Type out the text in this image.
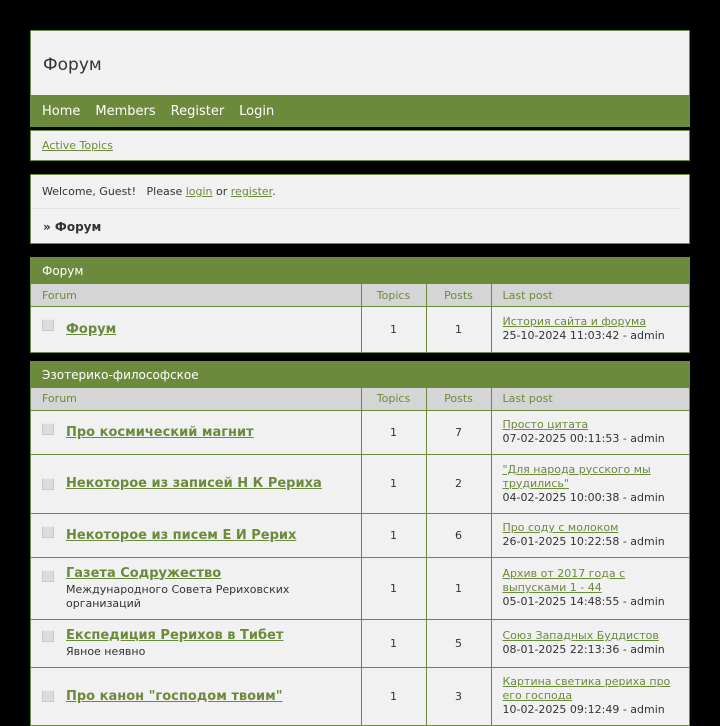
Форум
Home Members Register Login
Active Topics
Welcome, Guest!   Please login or register.
» Форум
Форум
Forum	Topics	Posts	Last post

Форум	1	1	История сайта и форума
25-10-2024 11:03:42 - admin
Эзотерико-философское
Forum	Topics	Posts	Last post

Про космический магнит	1	7	Просто цитата
07-02-2025 00:11:53 - admin

Некоторое из записей Н К Рериха	1	2	"Для народа русского мы трудились"
04-02-2025 10:00:38 - admin

Некоторое из писем Е И Рерих	1	6	Про соду с молоком
26-01-2025 10:22:58 - admin

Газета Содружество
Международного Совета Рериховских организаций	1	1	Архив от 2017 года с выпусками 1 - 44
05-01-2025 14:48:55 - admin

Експедиция Рерихов в Тибет
Явное неявно	1	5	Союз Западных Буддистов
08-01-2025 22:13:36 - admin

Про канон "господом твоим"	1	3	Картина светика рериха про его господа
10-02-2025 09:12:49 - admin
